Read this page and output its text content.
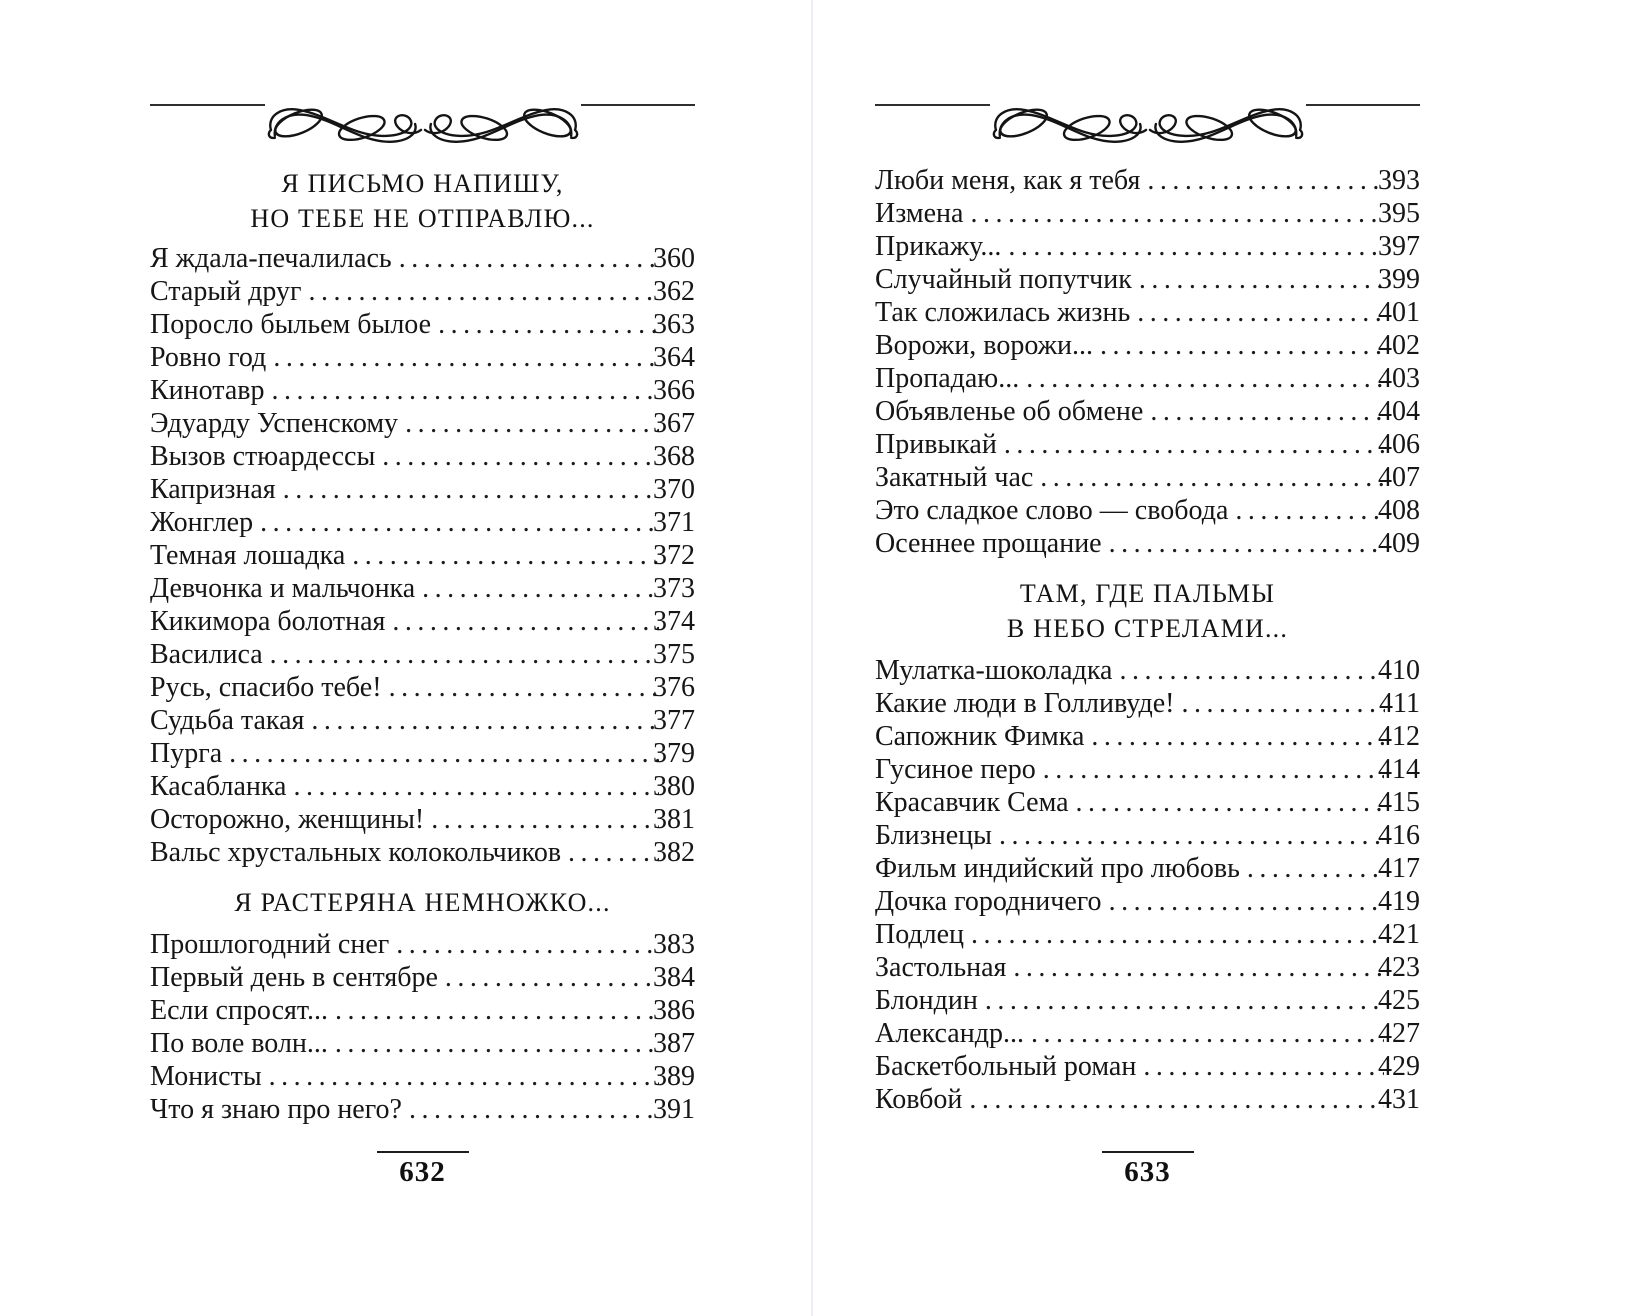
Я ПИСЬМО НАПИШУ,
НО ТЕБЕ НЕ ОТПРАВЛЮ...
Я ждала-печалилась .....	360
Старый друг .....	362
Поросло быльем былое .....	363
Ровно год .....	364
Кинотавр .....	366
Эдуарду Успенскому .....	367
Вызов стюардессы .....	368
Капризная .....	370
Жонглер .....	371
Темная лошадка .....	372
Девчонка и мальчонка .....	373
Кикимора болотная .....	374
Василиса .....	375
Русь, спасибо тебе! .....	376
Судьба такая .....	377
Пурга .....	379
Касабланка .....	380
Осторожно, женщины! .....	381
Вальс хрустальных колокольчиков .....	382
Я РАСТЕРЯНА НЕМНОЖКО...
Прошлогодний снег .....	383
Первый день в сентябре .....	384
Если спросят... .....	386
По воле волн... .....	387
Монисты .....	389
Что я знаю про него? .....	391
632
Люби меня, как я тебя .....	393
Измена .....	395
Прикажу... .....	397
Случайный попутчик .....	399
Так сложилась жизнь .....	401
Ворожи, ворожи... .....	402
Пропадаю... .....	403
Объявленье об обмене .....	404
Привыкай .....	406
Закатный час .....	407
Это сладкое слово — свобода .....	408
Осеннее прощание .....	409
ТАМ, ГДЕ ПАЛЬМЫ
В НЕБО СТРЕЛАМИ...
Мулатка-шоколадка .....	410
Какие люди в Голливуде! .....	411
Сапожник Фимка .....	412
Гусиное перо .....	414
Красавчик Сема .....	415
Близнецы .....	416
Фильм индийский про любовь .....	417
Дочка городничего .....	419
Подлец .....	421
Застольная .....	423
Блондин .....	425
Александр... .....	427
Баскетбольный роман .....	429
Ковбой .....	431
633
